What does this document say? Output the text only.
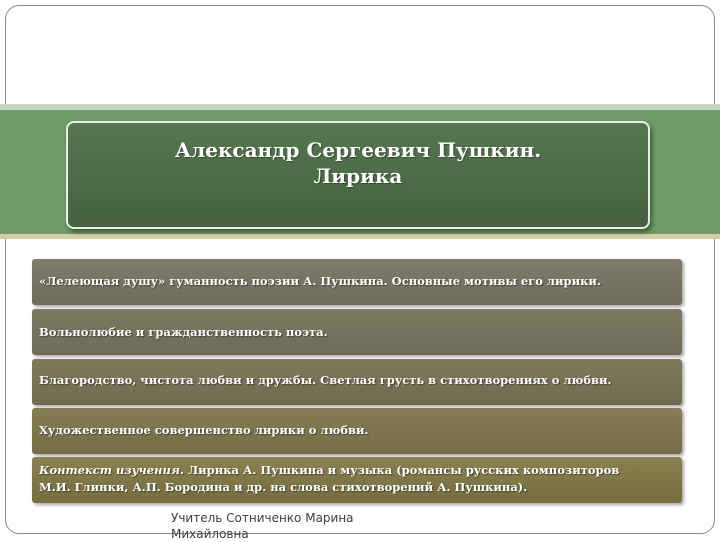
Александр Сергеевич Пушкин.
Лирика
«Лелеющая душу» гуманность поэзии А. Пушкина. Основные мотивы его лирики.
Вольнолюбие и гражданственность поэта.
Благородство, чистота любви и дружбы. Светлая грусть в стихотворениях о любви.
Художественное совершенство лирики о любви.
Контекст изучения. Лирика А. Пушкина и музыка (романсы русских композиторов
М.И. Глинки, А.П. Бородина и др. на слова стихотворений А. Пушкина).
Учитель Сотниченко Марина
Михайловна
